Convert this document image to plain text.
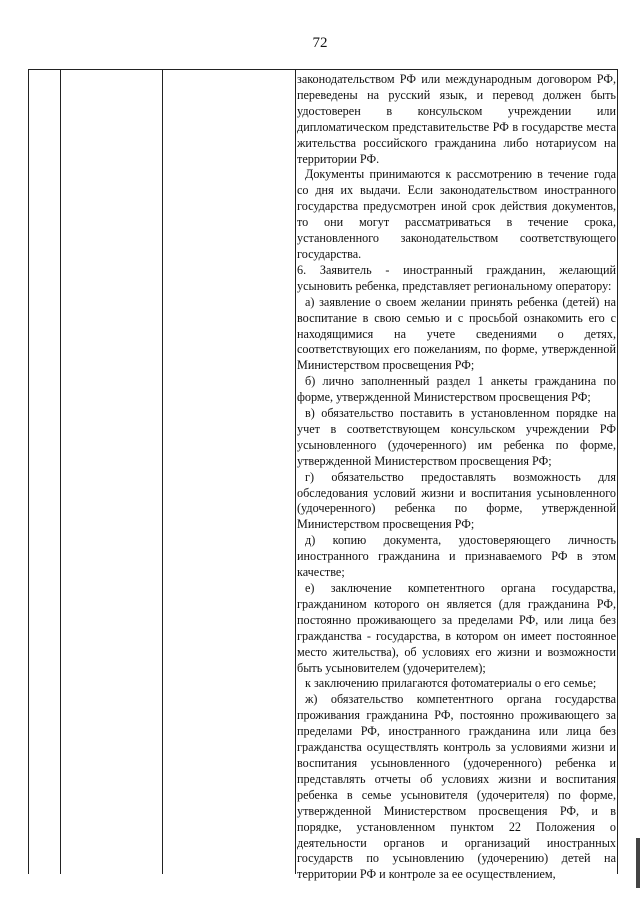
72

законодательством РФ или международным договором РФ, переведены на русский язык, и перевод должен быть удостоверен в консульском учреждении или дипломатическом представительстве РФ в государстве места жительства российского гражданина либо нотариусом на территории РФ.

Документы принимаются к рассмотрению в течение года со дня их выдачи. Если законодательством иностранного государства предусмотрен иной срок действия документов, то они могут рассматриваться в течение срока, установленного законодательством соответствующего государства.

6. Заявитель - иностранный гражданин, желающий усыновить ребенка, представляет региональному оператору:

а) заявление о своем желании принять ребенка (детей) на воспитание в свою семью и с просьбой ознакомить его с находящимися на учете сведениями о детях, соответствующих его пожеланиям, по форме, утвержденной Министерством просвещения РФ;

б) лично заполненный раздел 1 анкеты гражданина по форме, утвержденной Министерством просвещения РФ;

в) обязательство поставить в установленном порядке на учет в соответствующем консульском учреждении РФ усыновленного (удочеренного) им ребенка по форме, утвержденной Министерством просвещения РФ;

г) обязательство предоставлять возможность для обследования условий жизни и воспитания усыновленного (удочеренного) ребенка по форме, утвержденной Министерством просвещения РФ;

д) копию документа, удостоверяющего личность иностранного гражданина и признаваемого РФ в этом качестве;

е) заключение компетентного органа государства, гражданином которого он является (для гражданина РФ, постоянно проживающего за пределами РФ, или лица без гражданства - государства, в котором он имеет постоянное место жительства), об условиях его жизни и возможности быть усыновителем (удочерителем);

к заключению прилагаются фотоматериалы о его семье;

ж) обязательство компетентного органа государства проживания гражданина РФ, постоянно проживающего за пределами РФ, иностранного гражданина или лица без гражданства осуществлять контроль за условиями жизни и воспитания усыновленного (удочеренного) ребенка и представлять отчеты об условиях жизни и воспитания ребенка в семье усыновителя (удочерителя) по форме, утвержденной Министерством просвещения РФ, и в порядке, установленном пунктом 22 Положения о деятельности органов и организаций иностранных государств по усыновлению (удочерению) детей на территории РФ и контроле за ее осуществлением,
